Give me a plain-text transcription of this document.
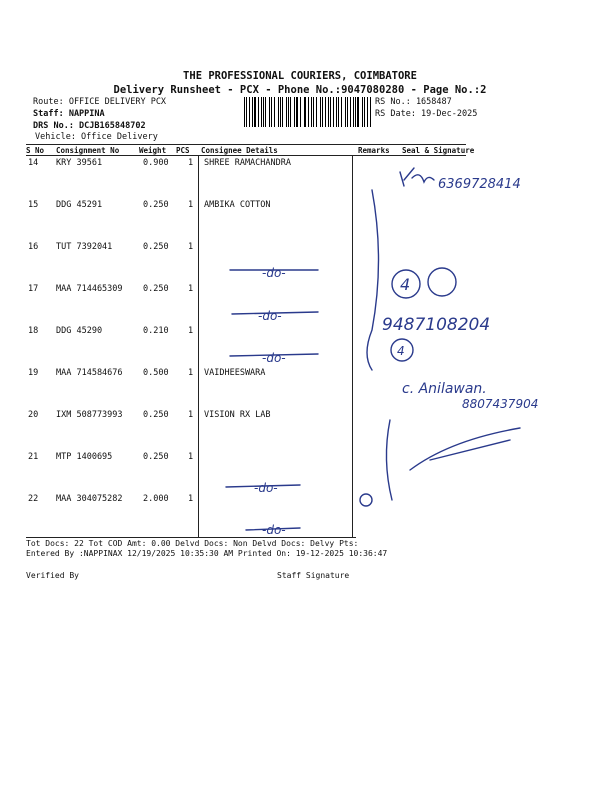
THE PROFESSIONAL COURIERS, COIMBATORE
Delivery Runsheet - PCX - Phone No.:9047080280 - Page No.:2
Route: OFFICE DELIVERY PCX
Staff: NAPPINA
DRS No.: DCJB165848702
Vehicle: Office Delivery
RS No.: 1658487
RS Date: 19-Dec-2025
S No Consignment No	Weight PCS Consignee Details	Remarks Seal & Signature
14 KRY 39561	0.900 1 SHREE RAMACHANDRA
15 DDG 45291	0.250 1 AMBIKA COTTON
16 TUT 7392041	0.250 1
17 MAA 714465309 0.250 1
18 DDG 45290	0.210 1
19 MAA 714584676 0.500 1 VAIDHEESWARA
20 IXM 508773993 0.250 1 VISION RX LAB
21 MTP 1400695	0.250 1
22 MAA 304075282 2.000 1
6369728414
4
9487108204
4
-do-
-do-
-do-
c. Anilawan.
8807437904
-do-
-do-
Tot Docs: 22 Tot COD Amt: 0.00 Delvd Docs: Non Delvd Docs: Delvy Pts:
Entered By :NAPPINAX 12/19/2025 10:35:30 AM Printed On: 19-12-2025 10:36:47
Verified By	Staff Signature
